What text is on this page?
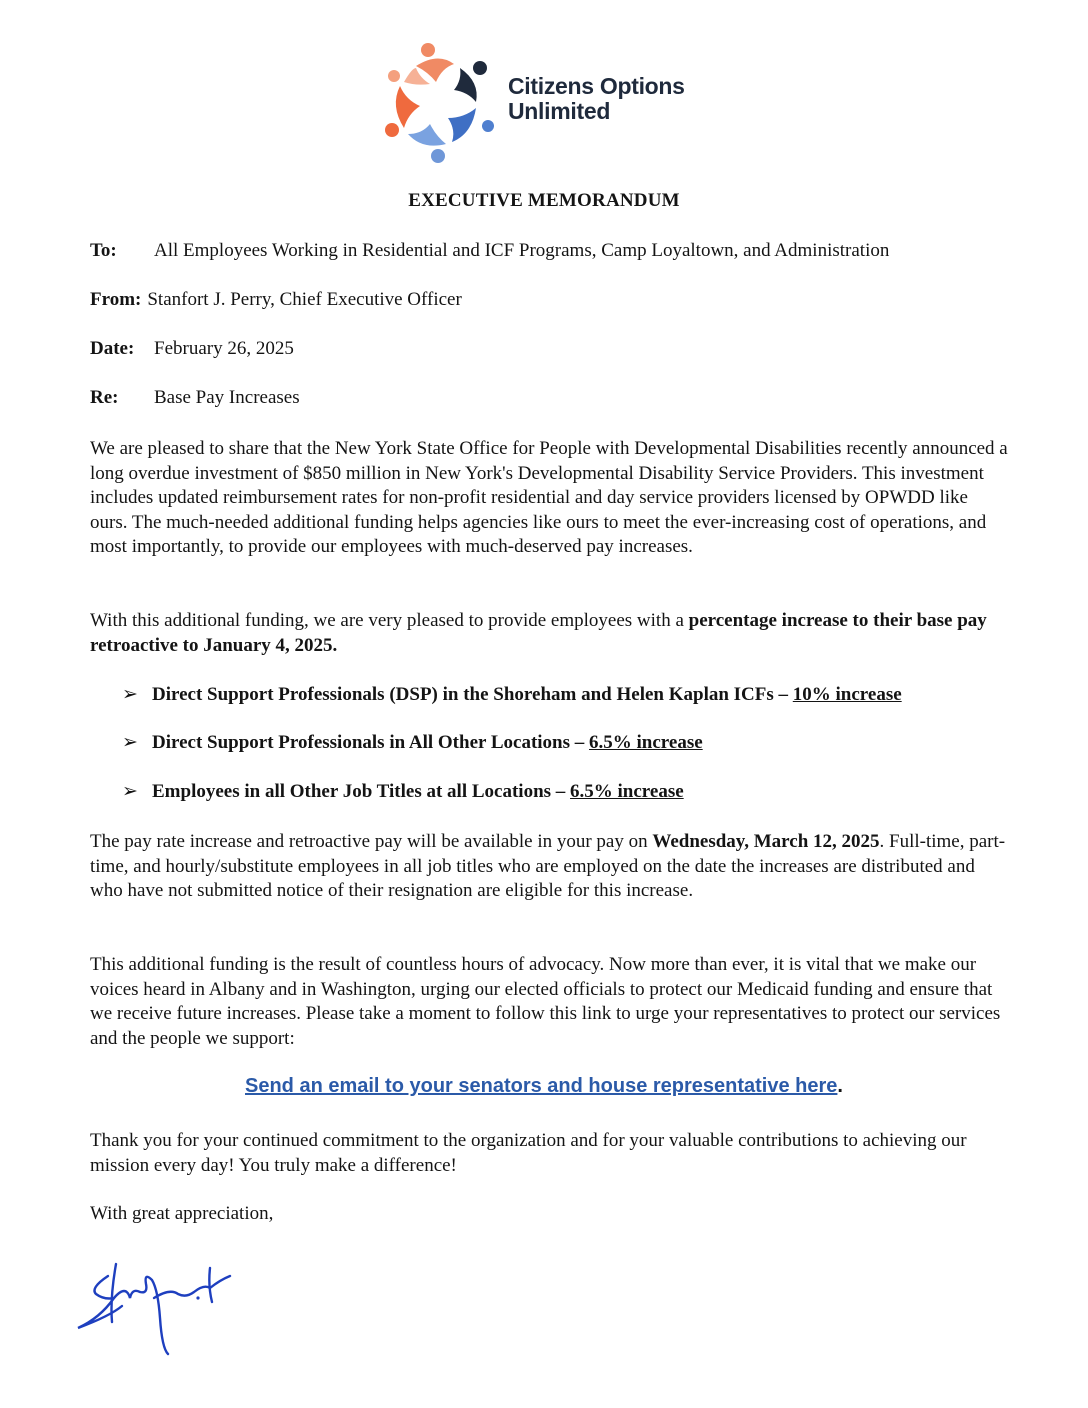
Citizens Options
Unlimited
EXECUTIVE MEMORANDUM
To: All Employees Working in Residential and ICF Programs, Camp Loyaltown, and Administration
From: Stanfort J. Perry, Chief Executive Officer
Date: February 26, 2025
Re: Base Pay Increases

We are pleased to share that the New York State Office for People with Developmental Disabilities recently announced a long overdue investment of $850 million in New York's Developmental Disability Service Providers. This investment includes updated reimbursement rates for non-profit residential and day service providers licensed by OPWDD like ours. The much-needed additional funding helps agencies like ours to meet the ever-increasing cost of operations, and most importantly, to provide our employees with much-deserved pay increases.

With this additional funding, we are very pleased to provide employees with a percentage increase to their base pay retroactive to January 4, 2025.

➢ Direct Support Professionals (DSP) in the Shoreham and Helen Kaplan ICFs – 10% increase
➢ Direct Support Professionals in All Other Locations – 6.5% increase
➢ Employees in all Other Job Titles at all Locations – 6.5% increase

The pay rate increase and retroactive pay will be available in your pay on Wednesday, March 12, 2025. Full-time, part-time, and hourly/substitute employees in all job titles who are employed on the date the increases are distributed and who have not submitted notice of their resignation are eligible for this increase.

This additional funding is the result of countless hours of advocacy. Now more than ever, it is vital that we make our voices heard in Albany and in Washington, urging our elected officials to protect our Medicaid funding and ensure that we receive future increases. Please take a moment to follow this link to urge your representatives to protect our services and the people we support:

Send an email to your senators and house representative here.

Thank you for your continued commitment to the organization and for your valuable contributions to achieving our mission every day! You truly make a difference!

With great appreciation,
